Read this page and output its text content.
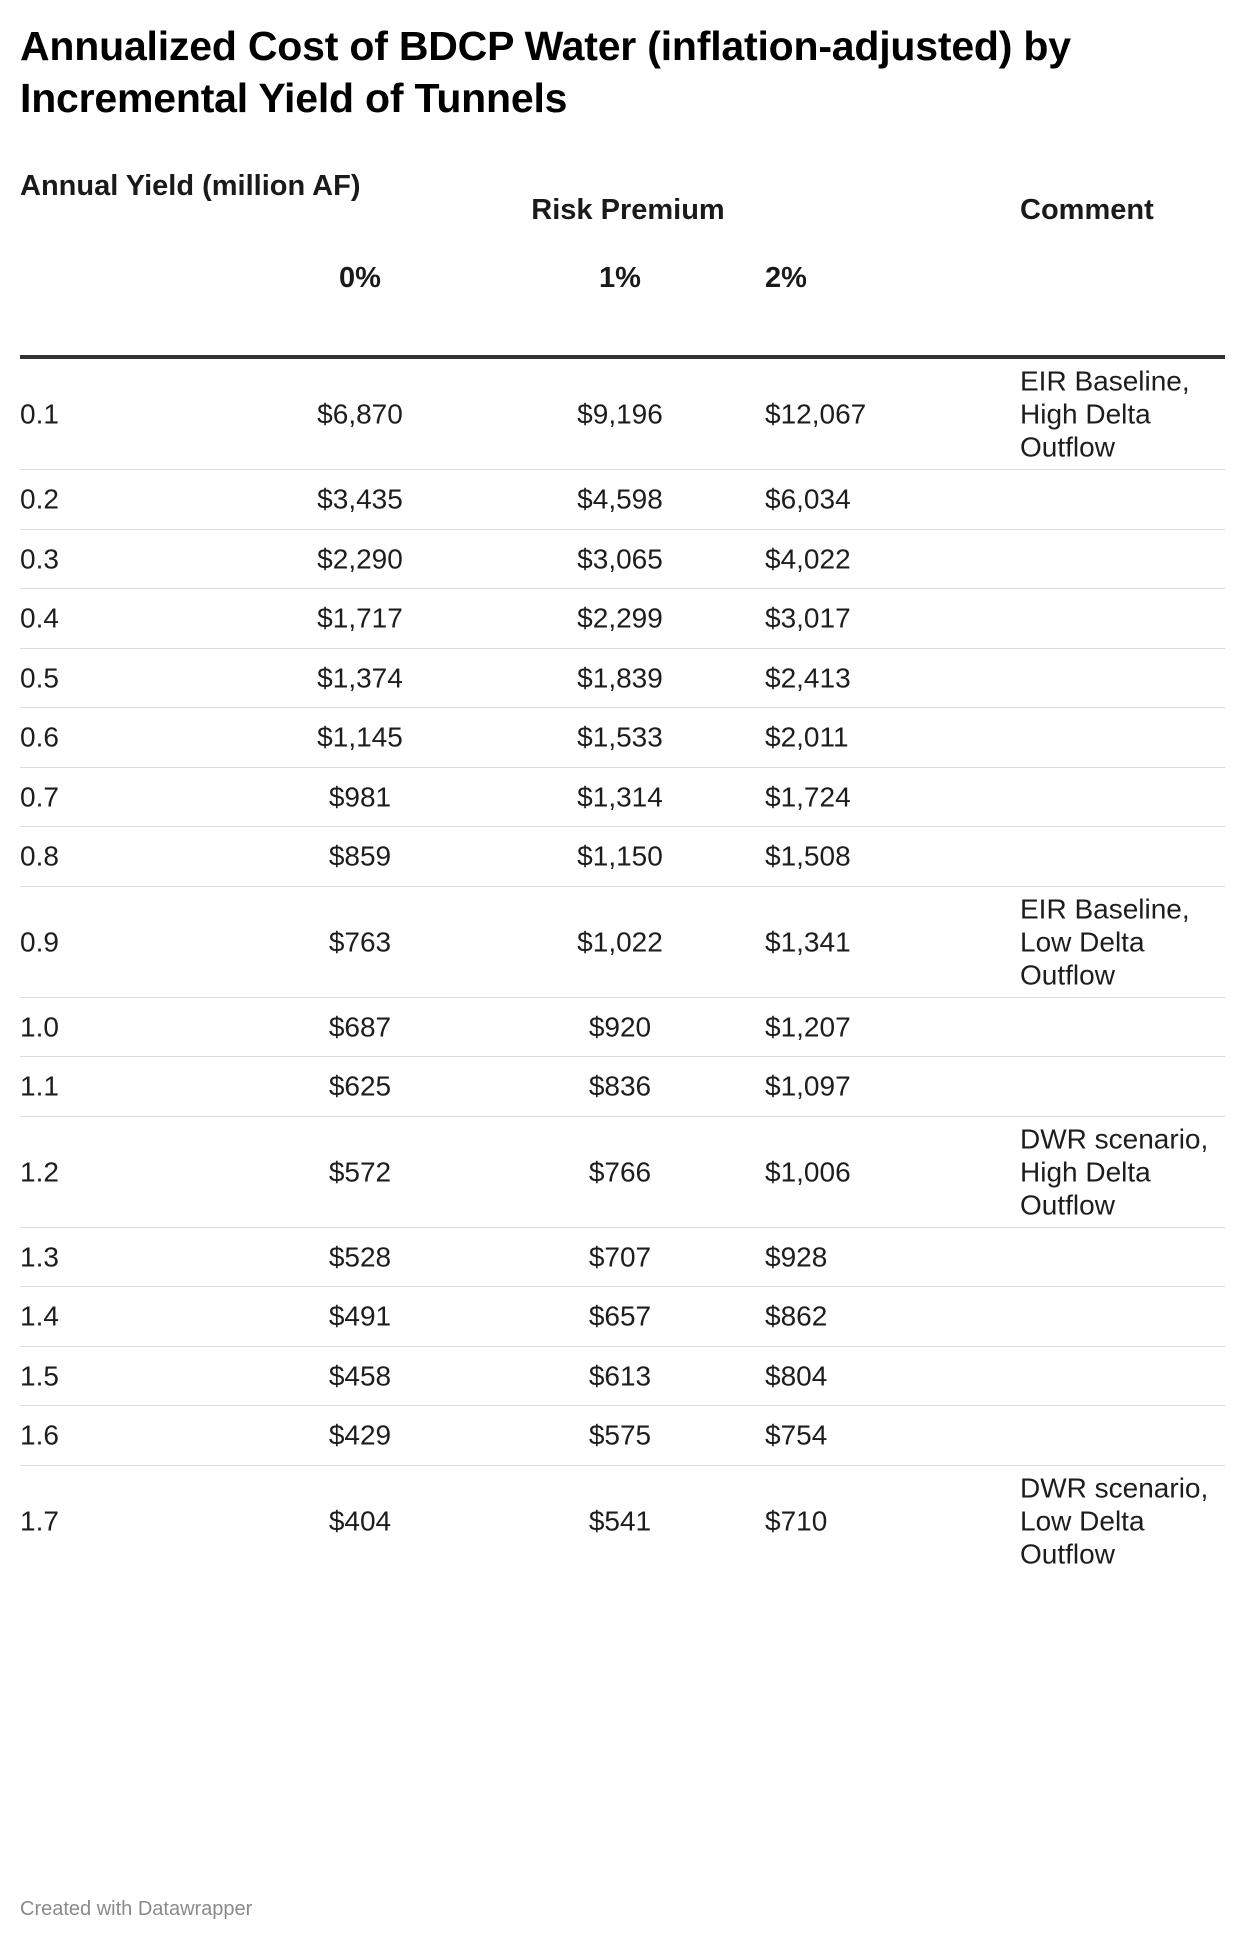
Annualized Cost of BDCP Water (inflation-adjusted) by Incremental Yield of Tunnels
Annual Yield (million AF)
Risk Premium	Comment
0%	1%	2%
0.1	$6,870	$9,196	$12,067
EIR Baseline, High Delta Outflow
0.2	$3,435	$4,598	$6,034
0.3	$2,290	$3,065	$4,022
0.4	$1,717	$2,299	$3,017
0.5	$1,374	$1,839	$2,413
0.6	$1,145	$1,533	$2,011
0.7	$981	$1,314	$1,724
0.8	$859	$1,150	$1,508
0.9	$763	$1,022	$1,341
EIR Baseline, Low Delta Outflow
1.0	$687	$920	$1,207
1.1	$625	$836	$1,097
1.2	$572	$766	$1,006
DWR scenario, High Delta Outflow
1.3	$528	$707	$928
1.4	$491	$657	$862
1.5	$458	$613	$804
1.6	$429	$575	$754
1.7	$404	$541	$710
DWR scenario, Low Delta Outflow
Created with Datawrapper
